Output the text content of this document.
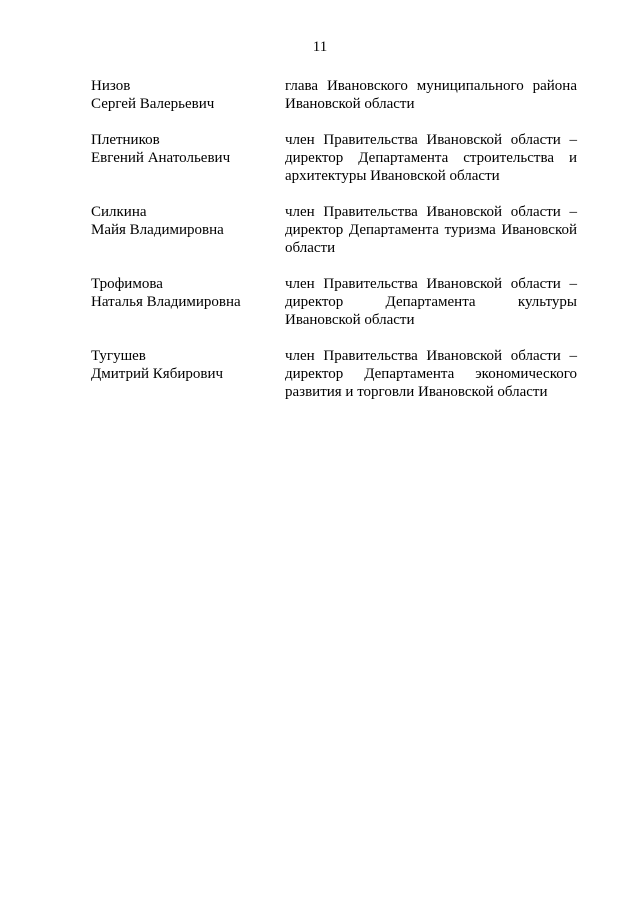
11
Низов
Сергей Валерьевич
глава Ивановского муниципального района Ивановской области
Плетников
Евгений Анатольевич
член Правительства Ивановской области – директор Департамента строительства и архитектуры Ивановской области
Силкина
Майя Владимировна
член Правительства Ивановской области – директор Департамента туризма Ивановской области
Трофимова
Наталья Владимировна
член Правительства Ивановской области – директор Департамента культуры Ивановской области
Тугушев
Дмитрий Кябирович
член Правительства Ивановской области – директор Департамента экономического развития и торговли Ивановской области
